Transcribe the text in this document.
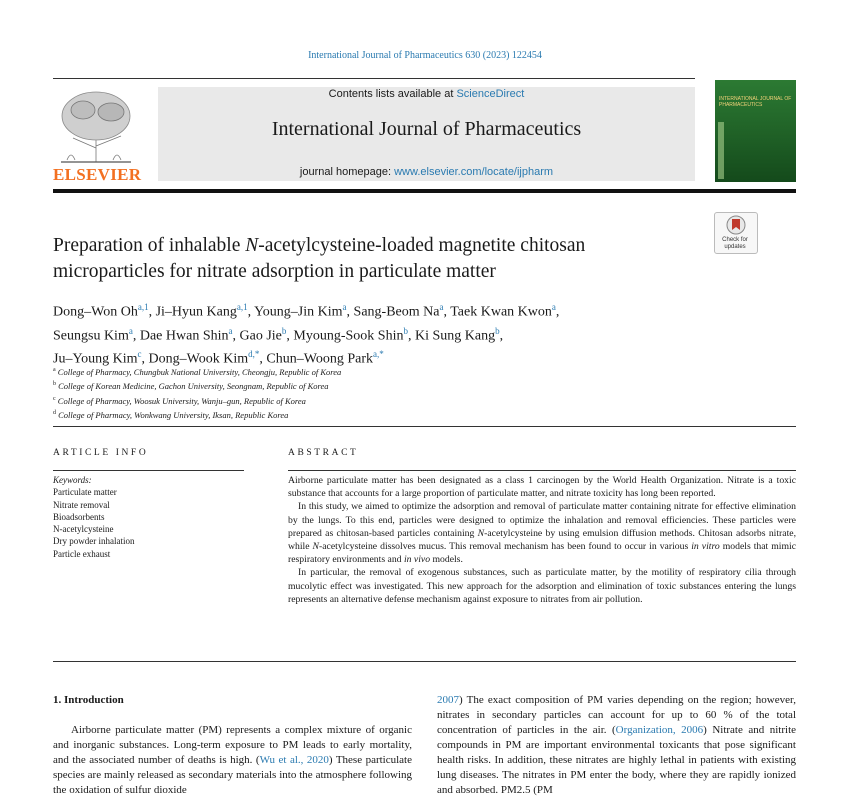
International Journal of Pharmaceutics 630 (2023) 122454
ELSEVIER
Contents lists available at ScienceDirect
International Journal of Pharmaceutics
journal homepage: www.elsevier.com/locate/ijpharm
INTERNATIONAL JOURNAL OF PHARMACEUTICS
Check for updates
Preparation of inhalable N-acetylcysteine-loaded magnetite chitosan microparticles for nitrate adsorption in particulate matter
Dong–Won Oh$^{a,1}$, Ji–Hyun Kang$^{a,1}$, Young–Jin Kim$^a$, Sang-Beom Na$^a$, Taek Kwan Kwon$^a$,
Seungsu Kim$^a$, Dae Hwan Shin$^a$, Gao Jie$^b$, Myoung-Sook Shin$^b$, Ki Sung Kang$^b$,
Ju–Young Kim$^c$, Dong–Wook Kim$^{d,*}$, Chun–Woong Park$^{a,*}$
$^a$ College of Pharmacy, Chungbuk National University, Cheongju, Republic of Korea
$^b$ College of Korean Medicine, Gachon University, Seongnam, Republic of Korea
$^c$ College of Pharmacy, Woosuk University, Wanju–gun, Republic of Korea
$^d$ College of Pharmacy, Wonkwang University, Iksan, Republic Korea
ARTICLE INFO
Keywords:
Particulate matter
Nitrate removal
Bioadsorbents
N-acetylcysteine
Dry powder inhalation
Particle exhaust
ABSTRACT

Airborne particulate matter has been designated as a class 1 carcinogen by the World Health Organization. Nitrate is a toxic substance that accounts for a large proportion of particulate matter, and nitrate toxicity has long been reported.

In this study, we aimed to optimize the adsorption and removal of particulate matter containing nitrate for effective elimination by the lungs. To this end, particles were designed to optimize the inhalation and removal efficiencies. These particles were prepared as chitosan-based particles containing N-acetylcysteine by using emulsion diffusion methods. Chitosan adsorbs nitrate, while N-acetylcysteine dissolves mucus. This removal mechanism has been found to occur in various in vitro models that mimic respiratory environments and in vivo models.

In particular, the removal of exogenous substances, such as particulate matter, by the motility of respiratory cilia through mucolytic effect was investigated. This new approach for the adsorption and elimination of toxic substances entering the lungs represents an alternative defense mechanism against exposure to nitrates from air pollution.

1. Introduction

Airborne particulate matter (PM) represents a complex mixture of organic and inorganic substances. Long-term exposure to PM leads to early mortality, and the associated number of deaths is high. (Wu et al., 2020) These particulate species are mainly released as secondary materials into the atmosphere following the oxidation of sulfur dioxide

2007) The exact composition of PM varies depending on the region; however, nitrates in secondary particles can account for up to 60 % of the total concentration of particles in the air. (Organization, 2006) Nitrate and nitrite compounds in PM are important environmental toxicants that pose significant health risks. In addition, these nitrates are highly lethal in patients with existing lung diseases. The nitrates in PM enter the body, where they are rapidly ionized and absorbed. PM2.5 (PM
